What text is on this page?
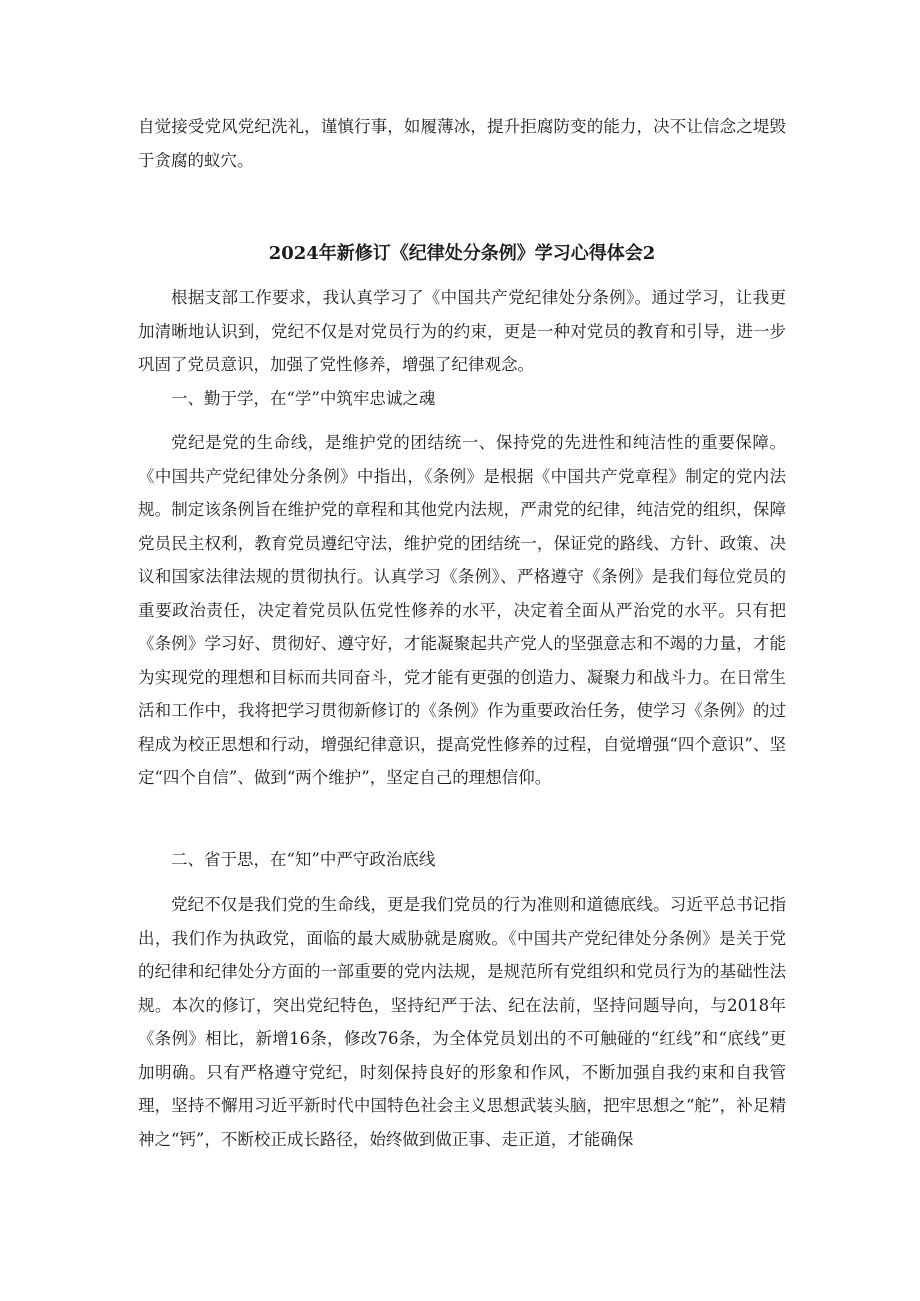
自觉接受党风党纪洗礼，谨慎行事，如履薄冰，提升拒腐防变的能力，决不让信念之堤毁于贪腐的蚁穴。

2024年新修订《纪律处分条例》学习心得体会2

根据支部工作要求，我认真学习了《中国共产党纪律处分条例》。通过学习，让我更加清晰地认识到，党纪不仅是对党员行为的约束，更是一种对党员的教育和引导，进一步巩固了党员意识，加强了党性修养，增强了纪律观念。

一、勤于学，在“学”中筑牢忠诚之魂

党纪是党的生命线，是维护党的团结统一、保持党的先进性和纯洁性的重要保障。《中国共产党纪律处分条例》中指出，《条例》是根据《中国共产党章程》制定的党内法规。制定该条例旨在维护党的章程和其他党内法规，严肃党的纪律，纯洁党的组织，保障党员民主权利，教育党员遵纪守法，维护党的团结统一，保证党的路线、方针、政策、决议和国家法律法规的贯彻执行。认真学习《条例》、严格遵守《条例》是我们每位党员的重要政治责任，决定着党员队伍党性修养的水平，决定着全面从严治党的水平。只有把《条例》学习好、贯彻好、遵守好，才能凝聚起共产党人的坚强意志和不竭的力量，才能为实现党的理想和目标而共同奋斗，党才能有更强的创造力、凝聚力和战斗力。在日常生活和工作中，我将把学习贯彻新修订的《条例》作为重要政治任务，使学习《条例》的过程成为校正思想和行动，增强纪律意识，提高党性修养的过程，自觉增强“四个意识”、坚定“四个自信”、做到“两个维护”，坚定自己的理想信仰。

二、省于思，在“知”中严守政治底线

党纪不仅是我们党的生命线，更是我们党员的行为准则和道德底线。习近平总书记指出，我们作为执政党，面临的最大威胁就是腐败。《中国共产党纪律处分条例》是关于党的纪律和纪律处分方面的一部重要的党内法规，是规范所有党组织和党员行为的基础性法规。本次的修订，突出党纪特色，坚持纪严于法、纪在法前，坚持问题导向，与2018年《条例》相比，新增16条，修改76条，为全体党员划出的不可触碰的“红线”和“底线”更加明确。只有严格遵守党纪，时刻保持良好的形象和作风，不断加强自我约束和自我管理，坚持不懈用习近平新时代中国特色社会主义思想武装头脑，把牢思想之“舵”，补足精神之“钙”，不断校正成长路径，始终做到做正事、走正道，才能确保
